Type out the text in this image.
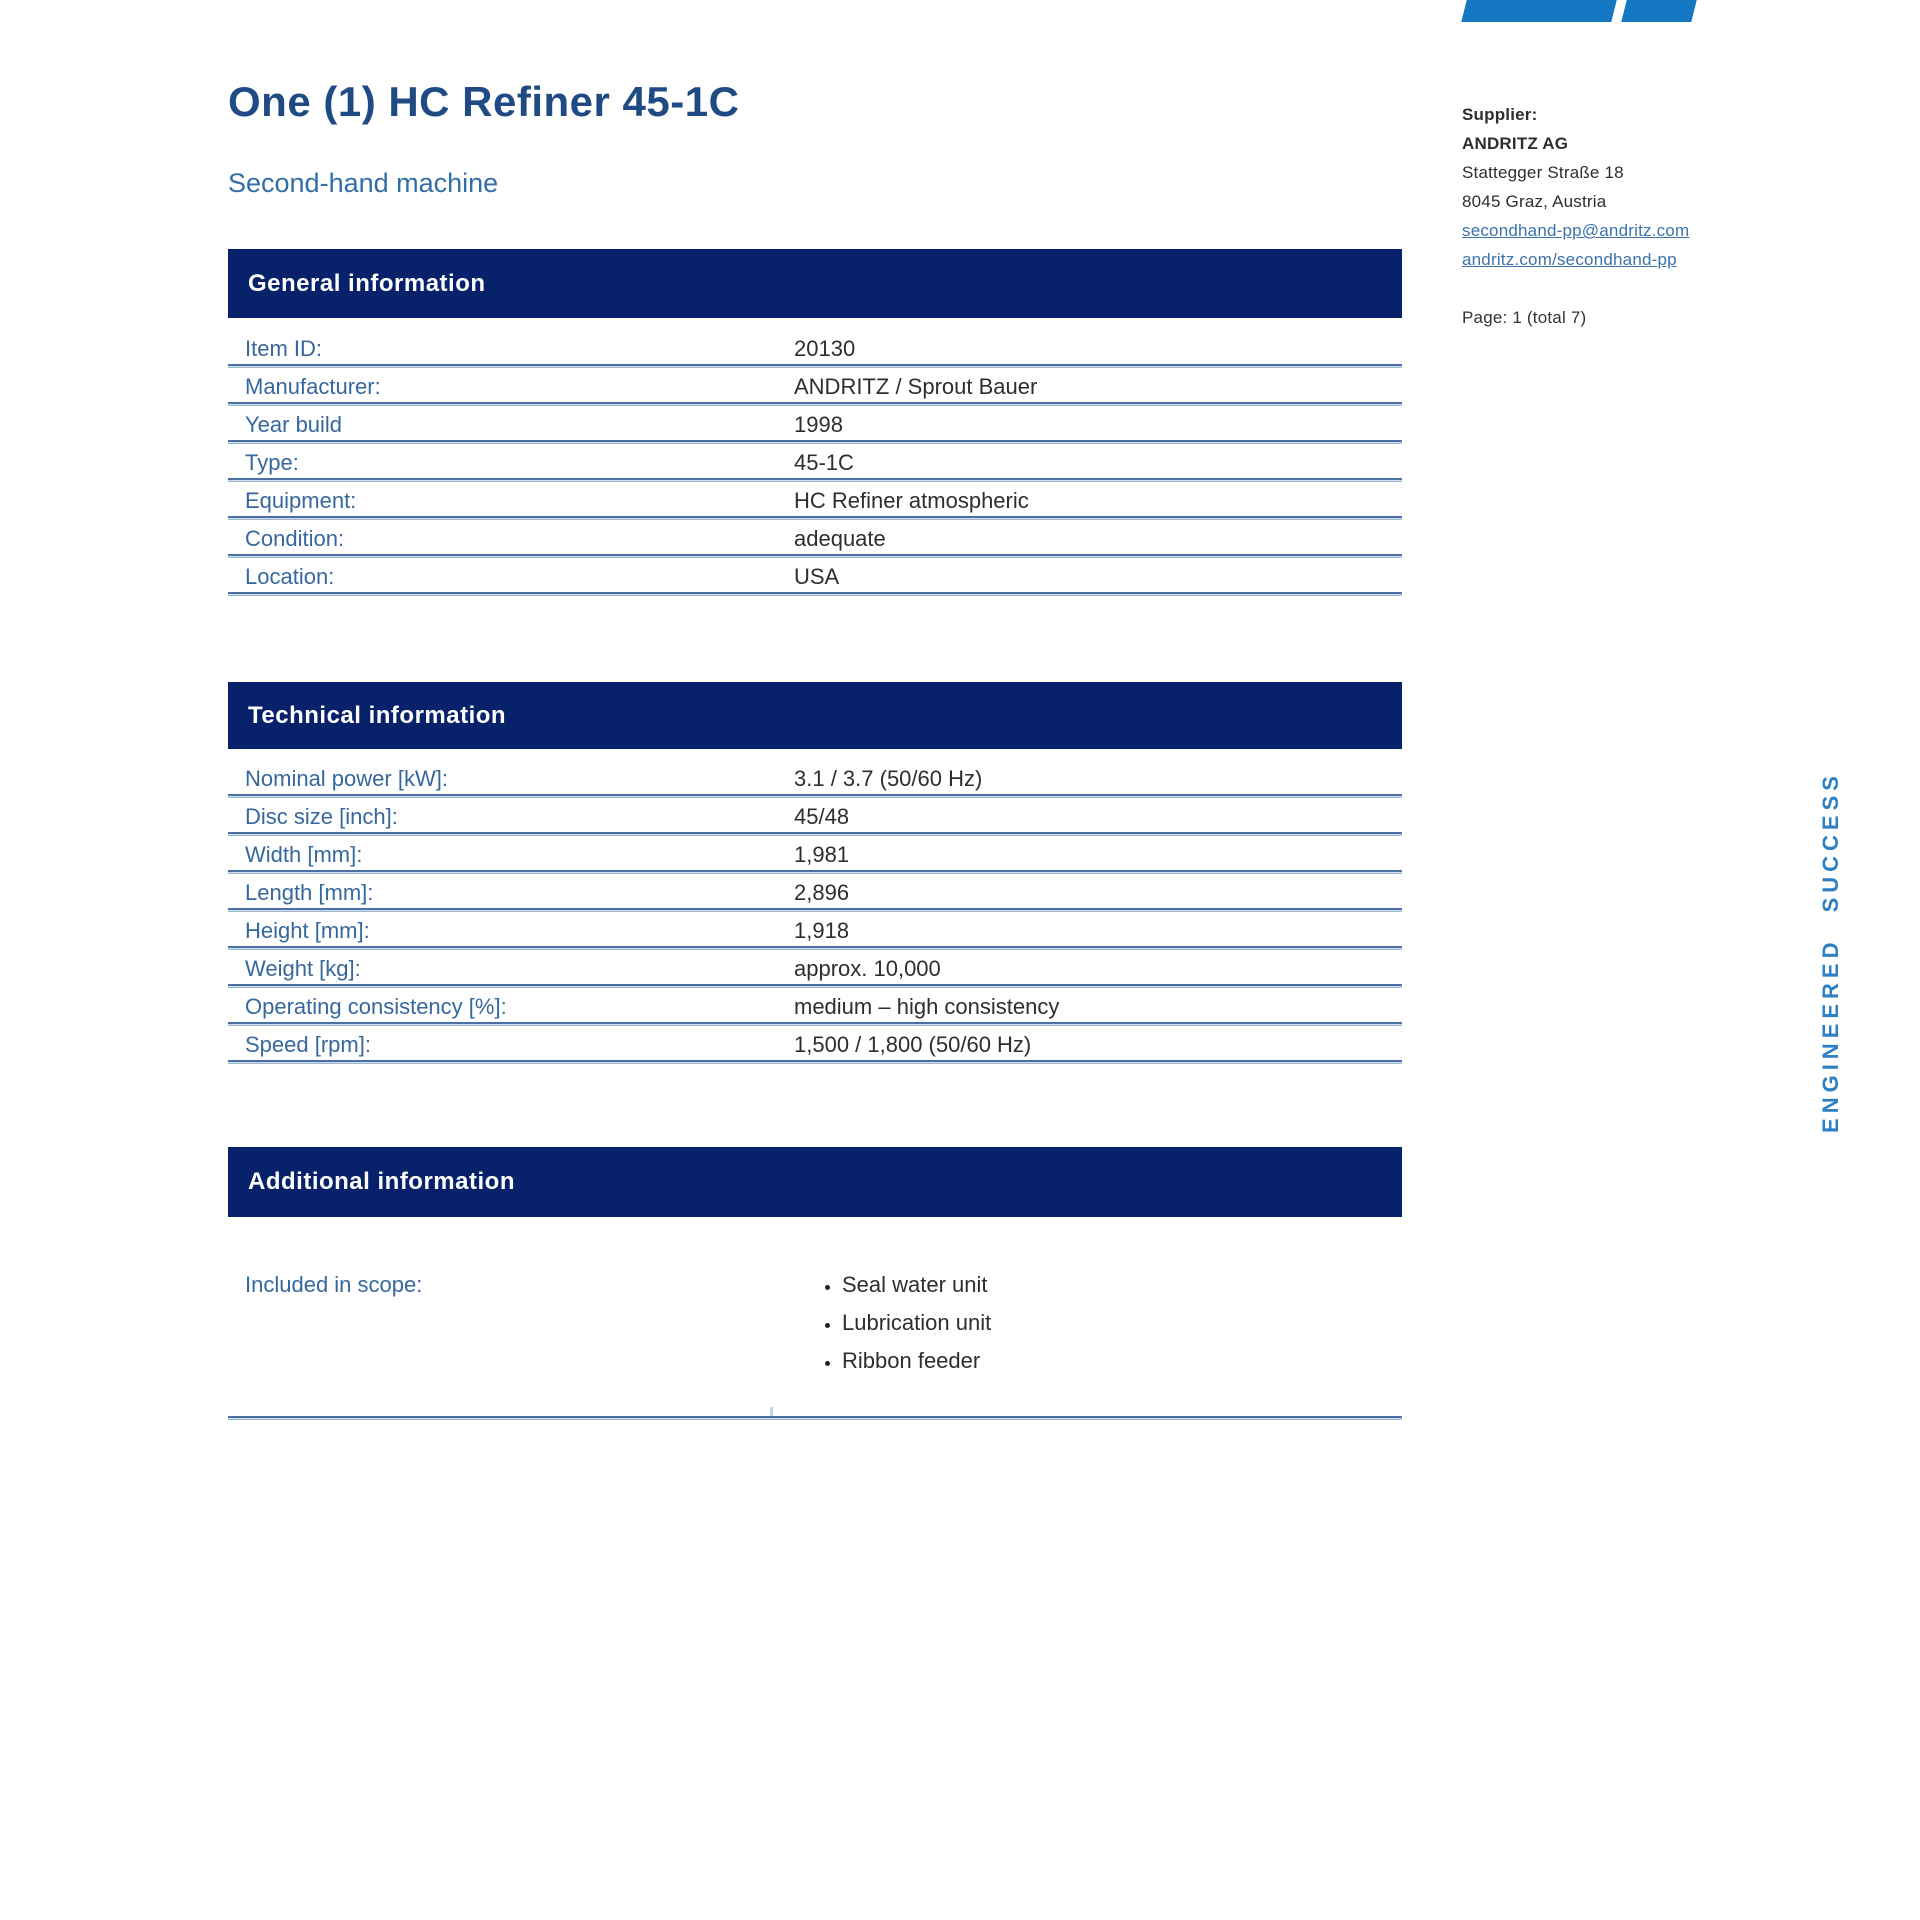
One (1) HC Refiner 45-1C
Second-hand machine
Supplier:
ANDRITZ AG
Stattegger Straße 18
8045 Graz, Austria
secondhand-pp@andritz.com
andritz.com/secondhand-pp
Page: 1 (total 7)
General information
Item ID:	20130
Manufacturer:	ANDRITZ / Sprout Bauer
Year build	1998
Type:	45-1C
Equipment:	HC Refiner atmospheric
Condition:	adequate
Location:	USA
Technical information
Nominal power [kW]:	3.1 / 3.7 (50/60 Hz)
Disc size [inch]:	45/48
Width [mm]:	1,981
Length [mm]:	2,896
Height [mm]:	1,918
Weight [kg]:	approx. 10,000
Operating consistency [%]:	medium – high consistency
Speed [rpm]:	1,500 / 1,800 (50/60 Hz)
Additional information
Included in scope:	• Seal water unit
• Lubrication unit
• Ribbon feeder
ENGINEERED SUCCESS
